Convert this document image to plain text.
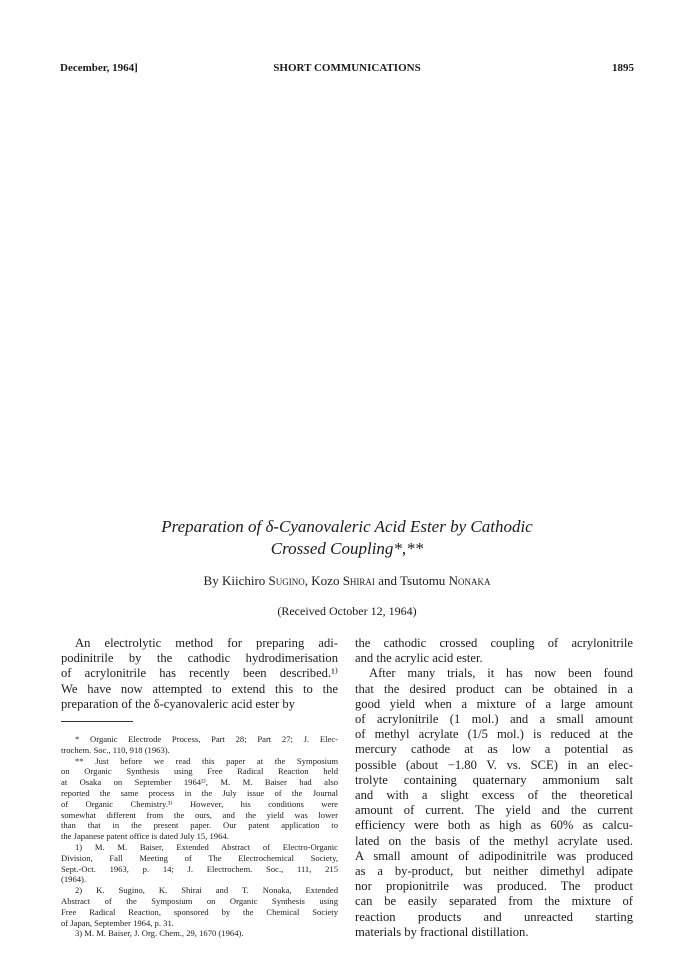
December, 1964]	SHORT COMMUNICATIONS	1895
Preparation of δ-Cyanovaleric Acid Ester by Cathodic
Crossed Coupling*,**
By Kiichiro Sugino, Kozo Shirai and Tsutomu Nonaka
(Received October 12, 1964)
An electrolytic method for preparing adi-
podinitrile by the cathodic hydrodimerisation
of acrylonitrile has recently been described.¹⁾
We have now attempted to extend this to the
preparation of the δ-cyanovaleric acid ester by
* Organic Electrode Process, Part 28; Part 27; J. Elec-
trochem. Soc., 110, 918 (1963).
** Just before we read this paper at the Symposium
on Organic Synthesis using Free Radical Reaction held
at Osaka on September 1964²⁾, M. M. Baiser had also
reported the same process in the July issue of the Journal
of Organic Chemistry.³⁾ However, his conditions were
somewhat different from the ours, and the yield was lower
than that in the present paper. Our patent application to
the Japanese patent office is dated July 15, 1964.
1) M. M. Baiser, Extended Abstract of Electro-Organic
Division, Fall Meeting of The Electrochemical Society,
Sept.-Oct. 1963, p. 14; J. Electrochem. Soc., 111, 215
(1964).
2) K. Sugino, K. Shirai and T. Nonaka, Extended
Abstract of the Symposium on Organic Synthesis using
Free Radical Reaction, sponsored by the Chemical Society
of Japan, September 1964, p. 31.
3) M. M. Baiser, J. Org. Chem., 29, 1670 (1964).
the cathodic crossed coupling of acrylonitrile
and the acrylic acid ester.
After many trials, it has now been found
that the desired product can be obtained in a
good yield when a mixture of a large amount
of acrylonitrile (1 mol.) and a small amount
of methyl acrylate (1/5 mol.) is reduced at the
mercury cathode at as low a potential as
possible (about −1.80 V. vs. SCE) in an elec-
trolyte containing quaternary ammonium salt
and with a slight excess of the theoretical
amount of current. The yield and the current
efficiency were both as high as 60% as calcu-
lated on the basis of the methyl acrylate used.
A small amount of adipodinitrile was produced
as a by-product, but neither dimethyl adipate
nor propionitrile was produced. The product
can be easily separated from the mixture of
reaction products and unreacted starting
materials by fractional distillation.
